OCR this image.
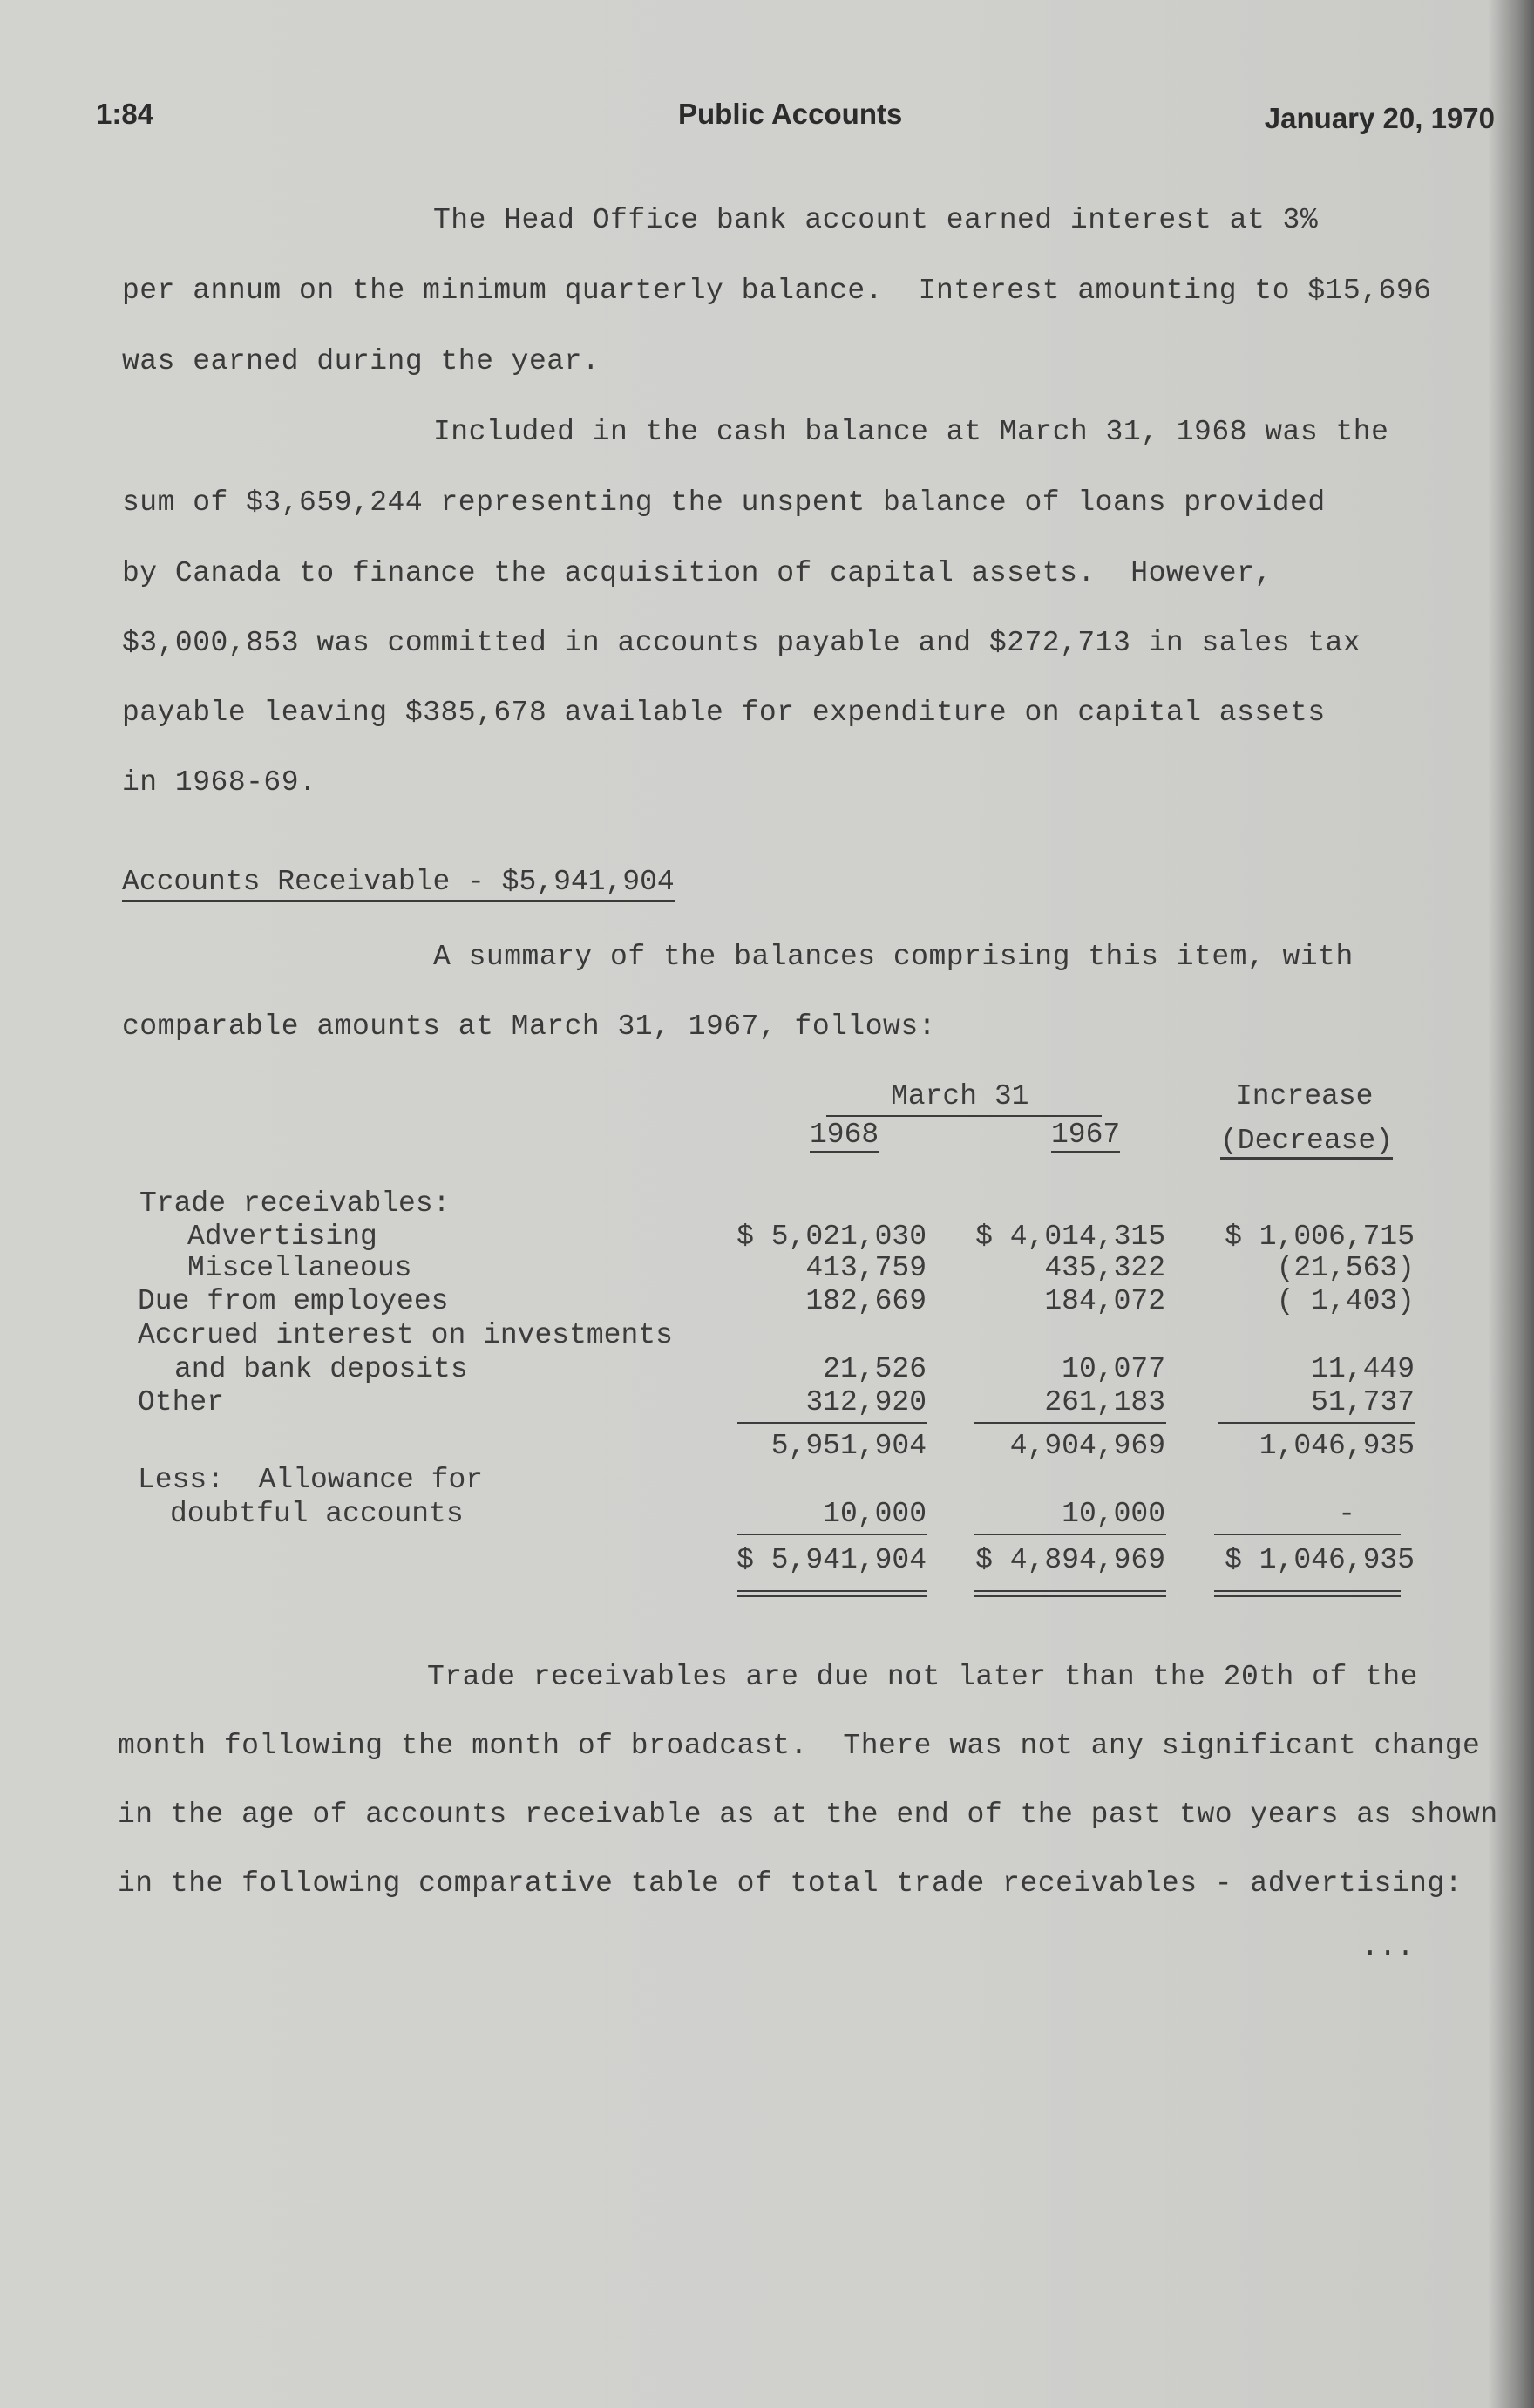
1:84	Public Accounts	January 20, 1970
The Head Office bank account earned interest at 3%
per annum on the minimum quarterly balance.  Interest amounting to $15,696
was earned during the year.
Included in the cash balance at March 31, 1968 was the
sum of $3,659,244 representing the unspent balance of loans provided
by Canada to finance the acquisition of capital assets.  However,
$3,000,853 was committed in accounts payable and $272,713 in sales tax
payable leaving $385,678 available for expenditure on capital assets
in 1968-69.
Accounts Receivable - $5,941,904
A summary of the balances comprising this item, with
comparable amounts at March 31, 1967, follows:
March 31
1968	1967
Increase
(Decrease)
Trade receivables:
Advertising	$ 5,021,030 $ 4,014,315 $ 1,006,715
Miscellaneous	413,759	435,322	(21,563)
Due from employees	182,669	184,072	( 1,403)
Accrued interest on investments
and bank deposits	21,526	10,077	11,449
Other	312,920	261,183	51,737
5,951,904	4,904,969	1,046,935
Less:  Allowance for
doubtful accounts	10,000	10,000	-
$ 5,941,904 $ 4,894,969 $ 1,046,935
Trade receivables are due not later than the 20th of the
month following the month of broadcast.  There was not any significant change
in the age of accounts receivable as at the end of the past two years as shown
in the following comparative table of total trade receivables - advertising:
...
